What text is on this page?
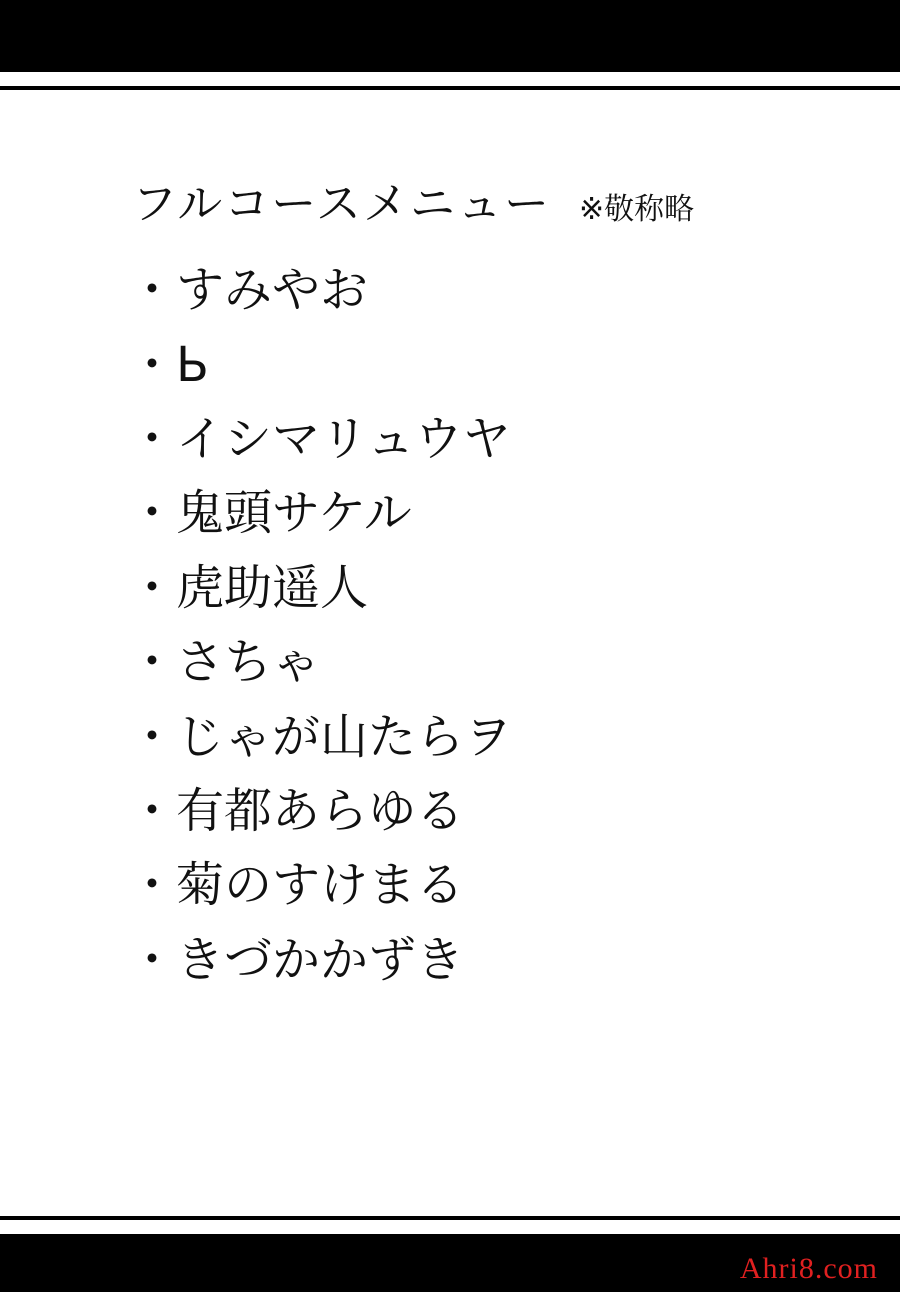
フルコースメニュー ※敬称略
・すみやお
・Ь
・イシマリュウヤ
・鬼頭サケル
・虎助遥人
・さちゃ
・じゃが山たらヲ
・有都あらゆる
・菊のすけまる
・きづかかずき
Ahri8.com
